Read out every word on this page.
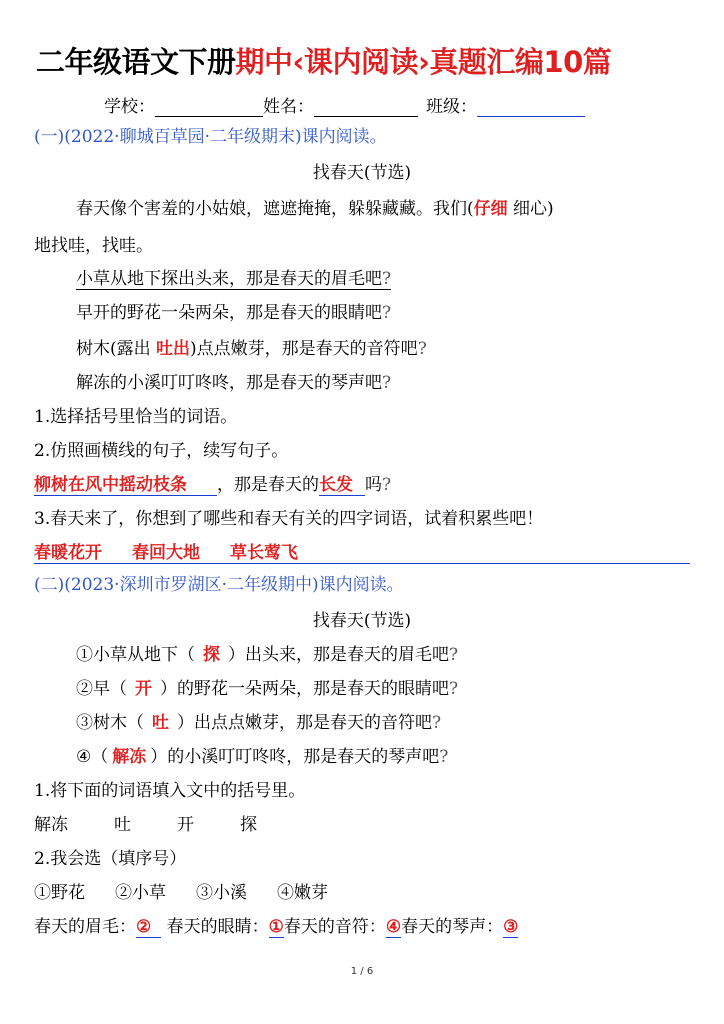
二年级语文下册期中‹课内阅读›真题汇编10篇
学校：	姓名：	班级：
(一)(2022·聊城百草园·二年级期末)课内阅读。
找春天(节选)
春天像个害羞的小姑娘，遮遮掩掩，躲躲藏藏。我们(仔细 细心)
地找哇，找哇。
小草从地下探出头来，那是春天的眉毛吧?
早开的野花一朵两朵，那是春天的眼睛吧?
树木(露出 吐出)点点嫩芽，那是春天的音符吧?
解冻的小溪叮叮咚咚，那是春天的琴声吧?
1.选择括号里恰当的词语。
2.仿照画横线的句子，续写句子。
柳树在风中摇动枝条 ，那是春天的长发 吗?
3.春天来了，你想到了哪些和春天有关的四字词语，试着积累些吧！
春暖花开 春回大地 草长莺飞
(二)(2023·深圳市罗湖区·二年级期中)课内阅读。
找春天(节选)
①小草从地下（ 探 ）出头来，那是春天的眉毛吧?
②早（ 开 ）的野花一朵两朵，那是春天的眼睛吧?
③树木（ 吐 ）出点点嫩芽，那是春天的音符吧?
④（ 解冻 ）的小溪叮叮咚咚，那是春天的琴声吧?
1.将下面的词语填入文中的括号里。
解冻	吐	开	探
2.我会选（填序号）
①野花 ②小草 ③小溪 ④嫩芽
春天的眉毛：② 春天的眼睛：①春天的音符：④春天的琴声：③
1 / 6
